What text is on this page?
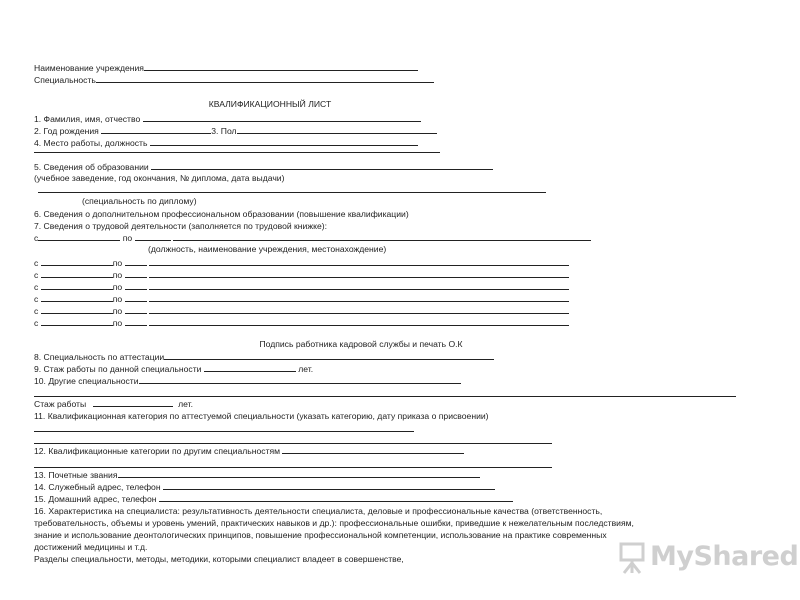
Наименование учреждения
Специальность
КВАЛИФИКАЦИОННЫЙ ЛИСТ
1. Фамилия, имя, отчество
2. Год рождения	3. Пол
4. Место работы, должность
5. Сведения об образовании
(учебное заведение, год окончания, № диплома, дата выдачи)
(специальность по диплому)
6. Сведения о дополнительном профессиональном образовании (повышение квалификации)
7. Сведения о трудовой деятельности (заполняется по трудовой книжке):
с	по
(должность, наименование учреждения, местонахождение)
с	по
с	по
с	по
с	по
с	по
с	по
Подпись работника кадровой службы и печать О.К
8. Специальность по аттестации
9. Стаж работы по данной специальности	лет.
10. Другие специальности
Стаж работы	лет.
11. Квалификационная категория по аттестуемой специальности (указать категорию, дату приказа о присвоении)
12. Квалификационные категории по другим специальностям
13. Почетные звания
14. Служебный адрес, телефон
15. Домашний адрес, телефон
16. Характеристика на специалиста: результативность деятельности специалиста, деловые и профессиональные качества (ответственность,
требовательность, объемы и уровень умений, практических навыков и др.): профессиональные ошибки, приведшие к нежелательным последствиям,
знание и использование деонтологических принципов, повышение профессиональной компетенции, использование на практике современных
достижений медицины и т.д.
Разделы специальности, методы, методики, которыми специалист владеет в совершенстве,	MyShared
